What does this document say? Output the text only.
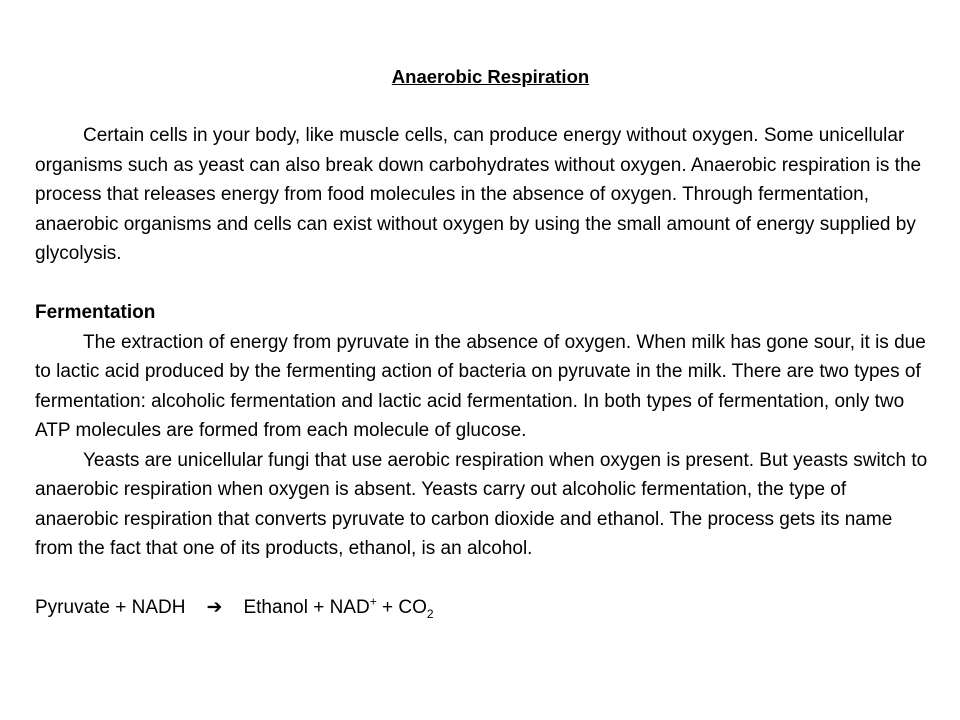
Anaerobic Respiration

Certain cells in your body, like muscle cells, can produce energy without oxygen. Some unicellular organisms such as yeast can also break down carbohydrates without oxygen. Anaerobic respiration is the process that releases energy from food molecules in the absence of oxygen. Through fermentation, anaerobic organisms and cells can exist without oxygen by using the small amount of energy supplied by glycolysis.

Fermentation

The extraction of energy from pyruvate in the absence of oxygen. When milk has gone sour, it is due to lactic acid produced by the fermenting action of bacteria on pyruvate in the milk. There are two types of fermentation: alcoholic fermentation and lactic acid fermentation. In both types of fermentation, only two ATP molecules are formed from each molecule of glucose.

Yeasts are unicellular fungi that use aerobic respiration when oxygen is present. But yeasts switch to anaerobic respiration when oxygen is absent. Yeasts carry out alcoholic fermentation, the type of anaerobic respiration that converts pyruvate to carbon dioxide and ethanol. The process gets its name from the fact that one of its products, ethanol, is an alcohol.

Pyruvate + NADH ➔ Ethanol + $NAD^+ + CO_2$
